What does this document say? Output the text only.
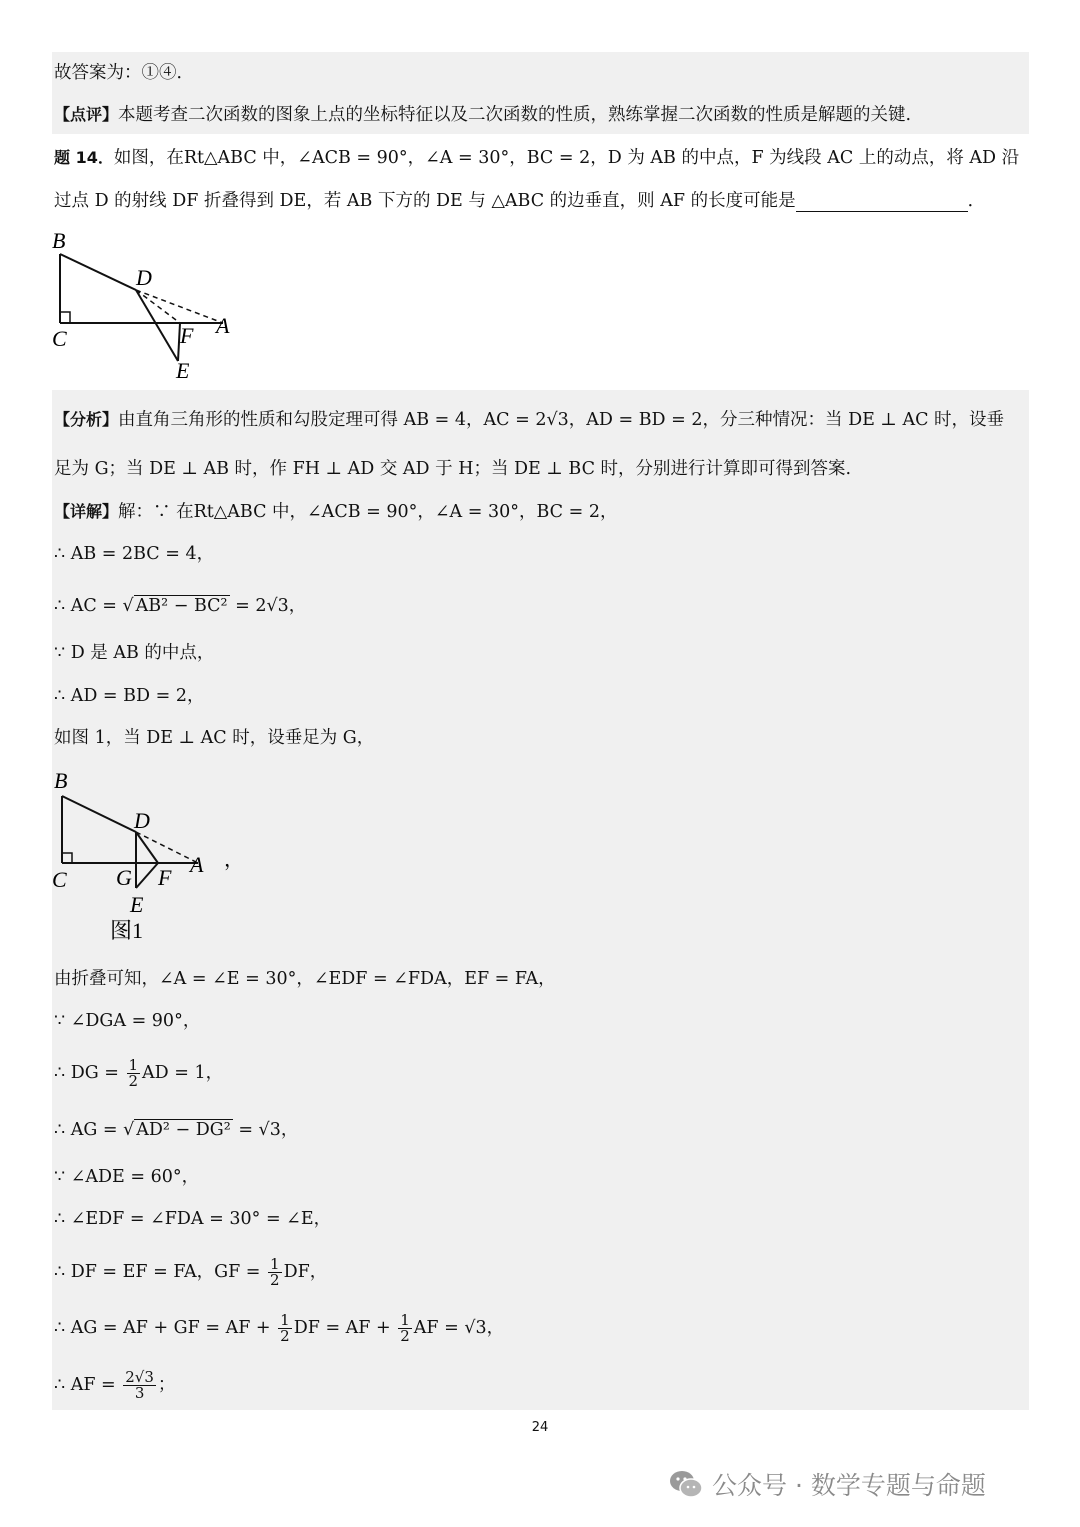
故答案为：①④．
【点评】本题考查二次函数的图象上点的坐标特征以及二次函数的性质，熟练掌握二次函数的性质是解题的关键.
题 14．如图，在Rt△ABC 中，∠ACB = 90°，∠A = 30°，BC = 2，D 为 AB 的中点，F 为线段 AC 上的动点，将 AD 沿
过点 D 的射线 DF 折叠得到 DE，若 AB 下方的 DE 与 △ABC 的边垂直，则 AF 的长度可能是	．
B
D
C	F A
E
【分析】由直角三角形的性质和勾股定理可得 AB = 4，AC = 2√3，AD = BD = 2，分三种情况：当 DE ⊥ AC 时，设垂
足为 G；当 DE ⊥ AB 时，作 FH ⊥ AD 交 AD 于 H；当 DE ⊥ BC 时，分别进行计算即可得到答案.
【详解】解：∵ 在Rt△ABC 中，∠ACB = 90°，∠A = 30°，BC = 2，
∴ AB = 2BC = 4，
∴ AC = √ AB² − BC² = 2√3，
∵ D 是 AB 的中点，
∴ AD = BD = 2，
如图 1，当 DE ⊥ AC 时，设垂足为 G，
B
D
C G F
A
E
图1
，
由折叠可知，∠A = ∠E = 30°，∠EDF = ∠FDA，EF = FA，
∵ ∠DGA = 90°，
∴ DG = $\frac{1}{2}$ AD = 1，
∴ AG = √ AD² − DG² = √3，
∵ ∠ADE = 60°，
∴ ∠EDF = ∠FDA = 30° = ∠E，
∴ DF = EF = FA，GF = $\frac{1}{2}$ DF，
∴ AG = AF + GF = AF + $\frac{1}{2}$ DF = AF + $\frac{1}{2}$ AF = √3，
∴ AF = $\frac{2√3}{3}$ ；
24
公众号 · 数学专题与命题
